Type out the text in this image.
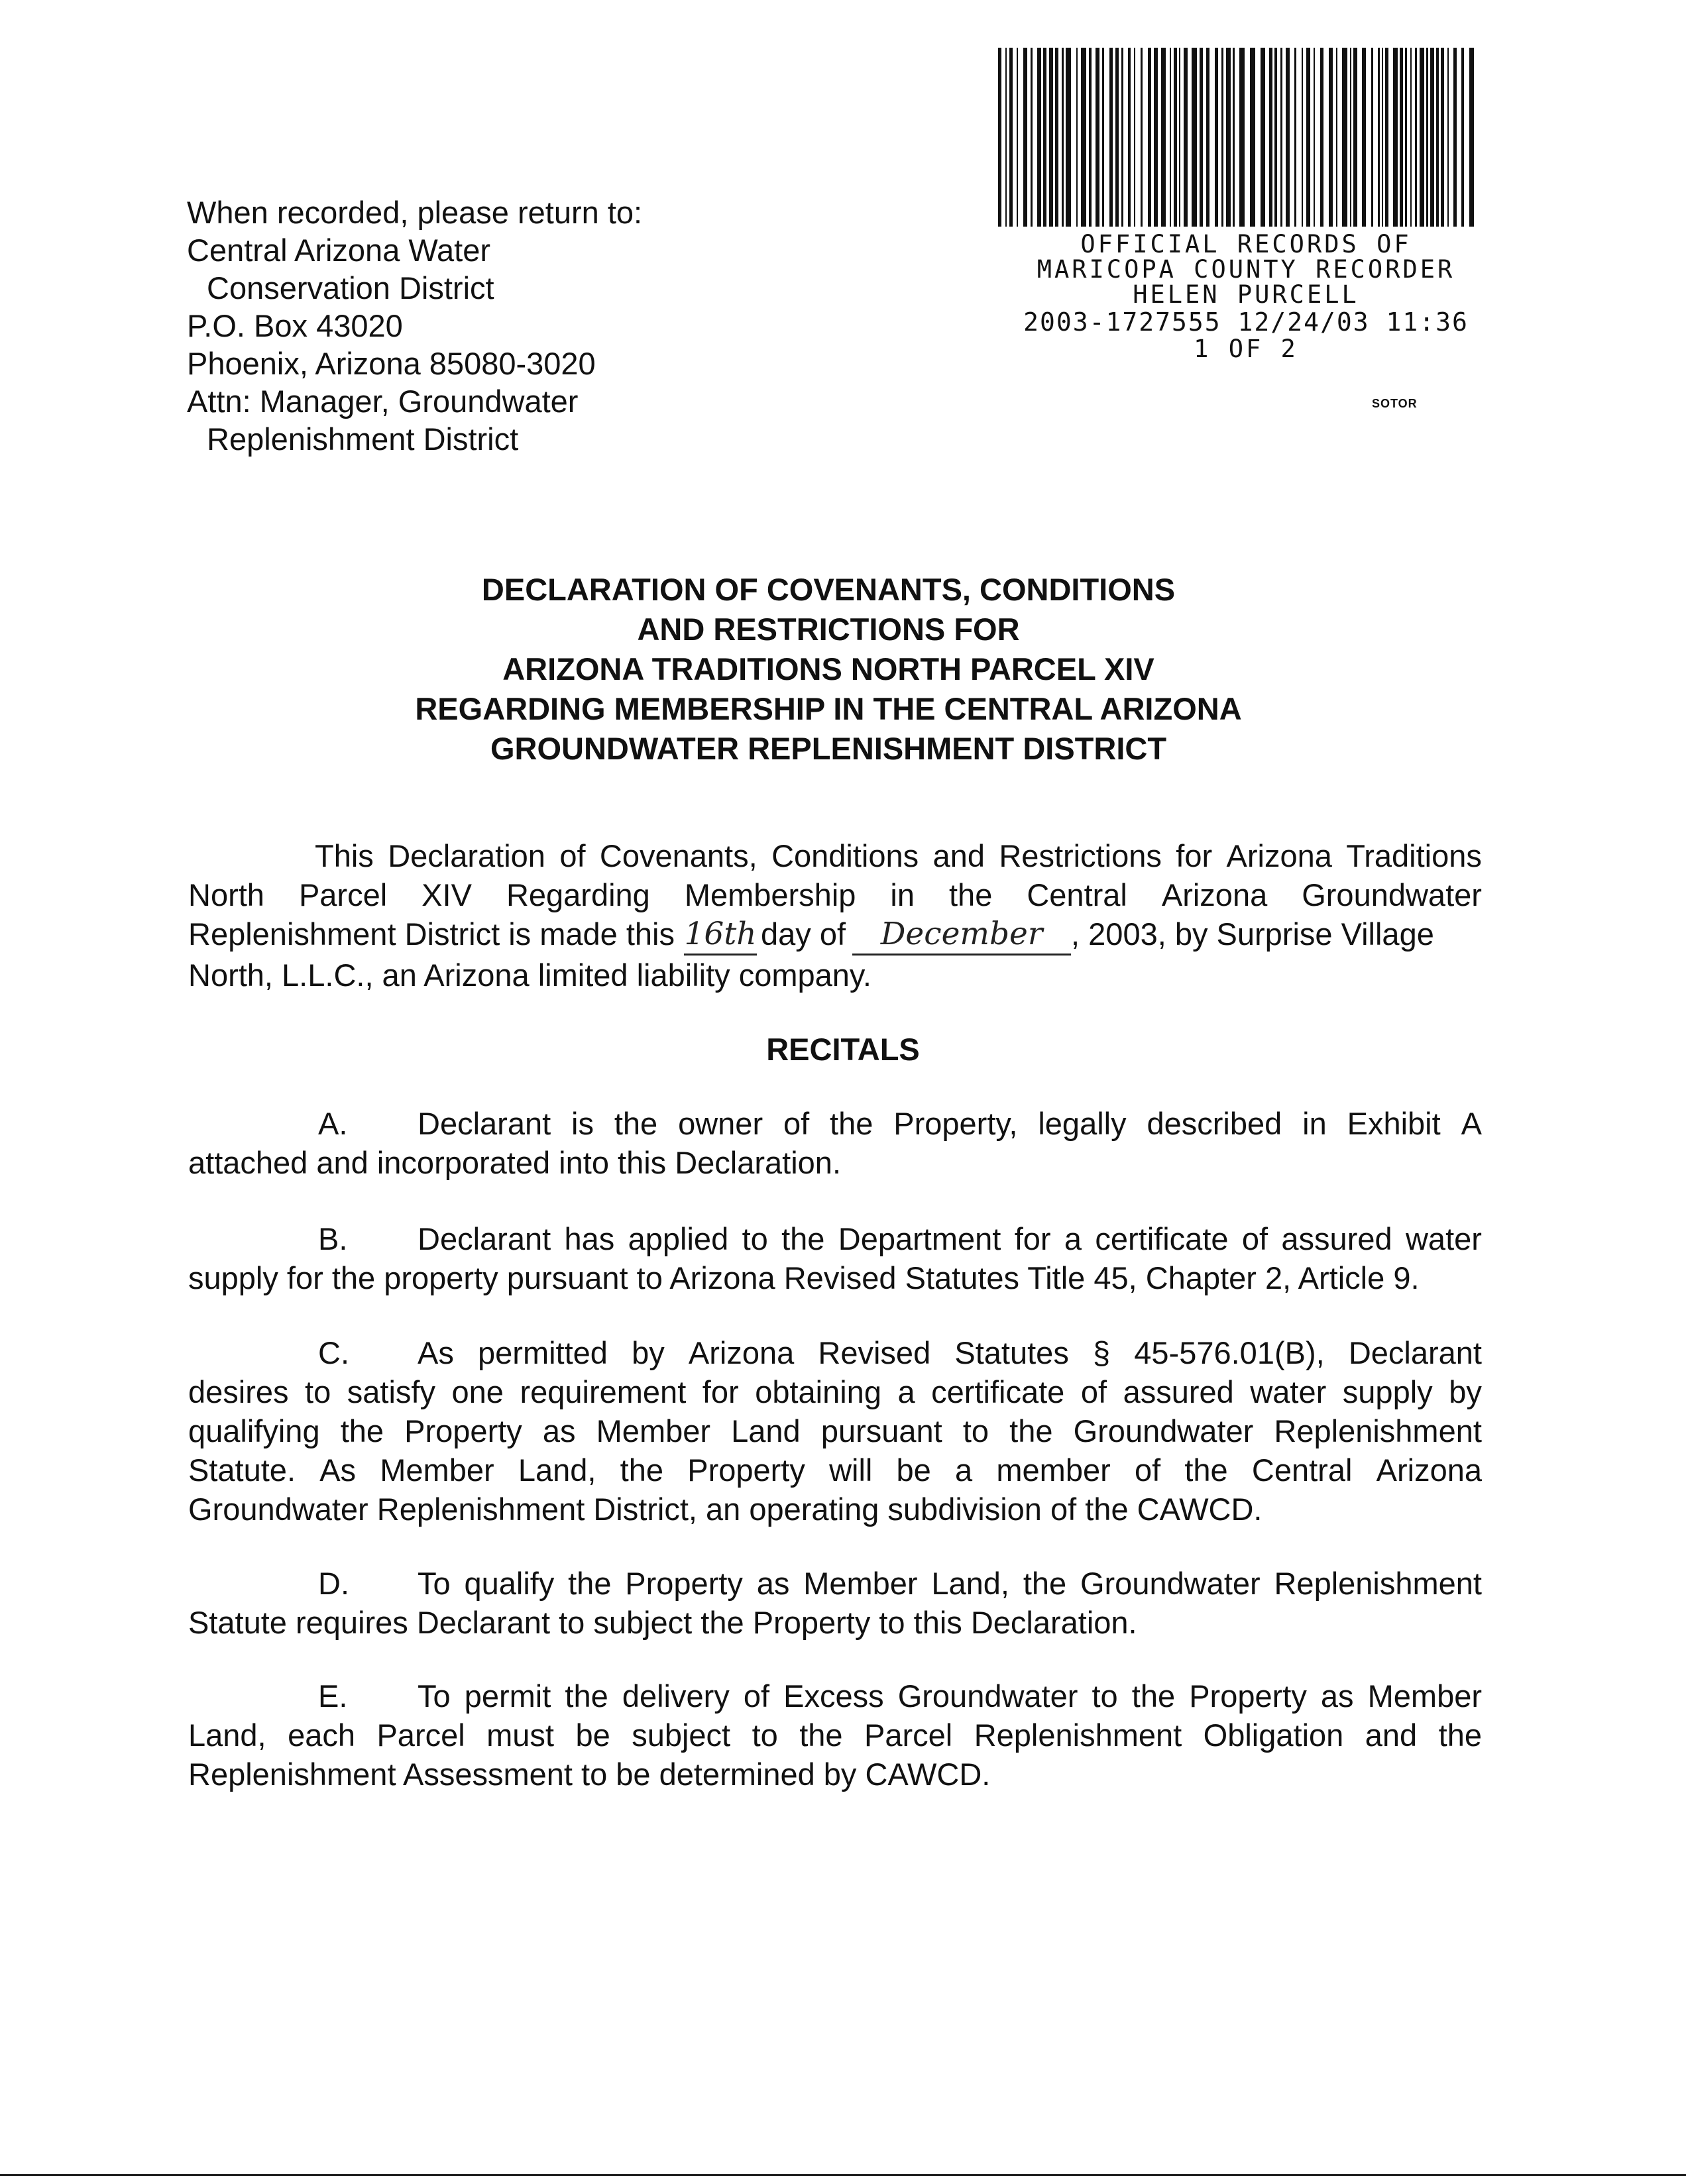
When recorded, please return to:
Central Arizona Water
Conservation District
P.O. Box 43020
Phoenix, Arizona 85080-3020
Attn: Manager, Groundwater
Replenishment District
OFFICIAL RECORDS OF
MARICOPA COUNTY RECORDER
HELEN PURCELL
2003-1727555 12/24/03 11:36
1 OF 2
SOTOR
DECLARATION OF COVENANTS, CONDITIONS
AND RESTRICTIONS FOR
ARIZONA TRADITIONS NORTH PARCEL XIV
REGARDING MEMBERSHIP IN THE CENTRAL ARIZONA
GROUNDWATER REPLENISHMENT DISTRICT
This Declaration of Covenants, Conditions and Restrictions for Arizona Traditions
North Parcel XIV Regarding Membership in the Central Arizona Groundwater
Replenishment District is made this 16th day of	December , 2003, by Surprise Village
North, L.L.C., an Arizona limited liability company.
RECITALS
A.	Declarant is the owner of the Property, legally described in Exhibit A
attached and incorporated into this Declaration.
B.	Declarant has applied to the Department for a certificate of assured water
supply for the property pursuant to Arizona Revised Statutes Title 45, Chapter 2, Article 9.
C.	As permitted by Arizona Revised Statutes § 45-576.01(B), Declarant
desires to satisfy one requirement for obtaining a certificate of assured water supply by
qualifying the Property as Member Land pursuant to the Groundwater Replenishment
Statute. As Member Land, the Property will be a member of the Central Arizona
Groundwater Replenishment District, an operating subdivision of the CAWCD.
D.	To qualify the Property as Member Land, the Groundwater Replenishment
Statute requires Declarant to subject the Property to this Declaration.
E.	To permit the delivery of Excess Groundwater to the Property as Member
Land, each Parcel must be subject to the Parcel Replenishment Obligation and the
Replenishment Assessment to be determined by CAWCD.
